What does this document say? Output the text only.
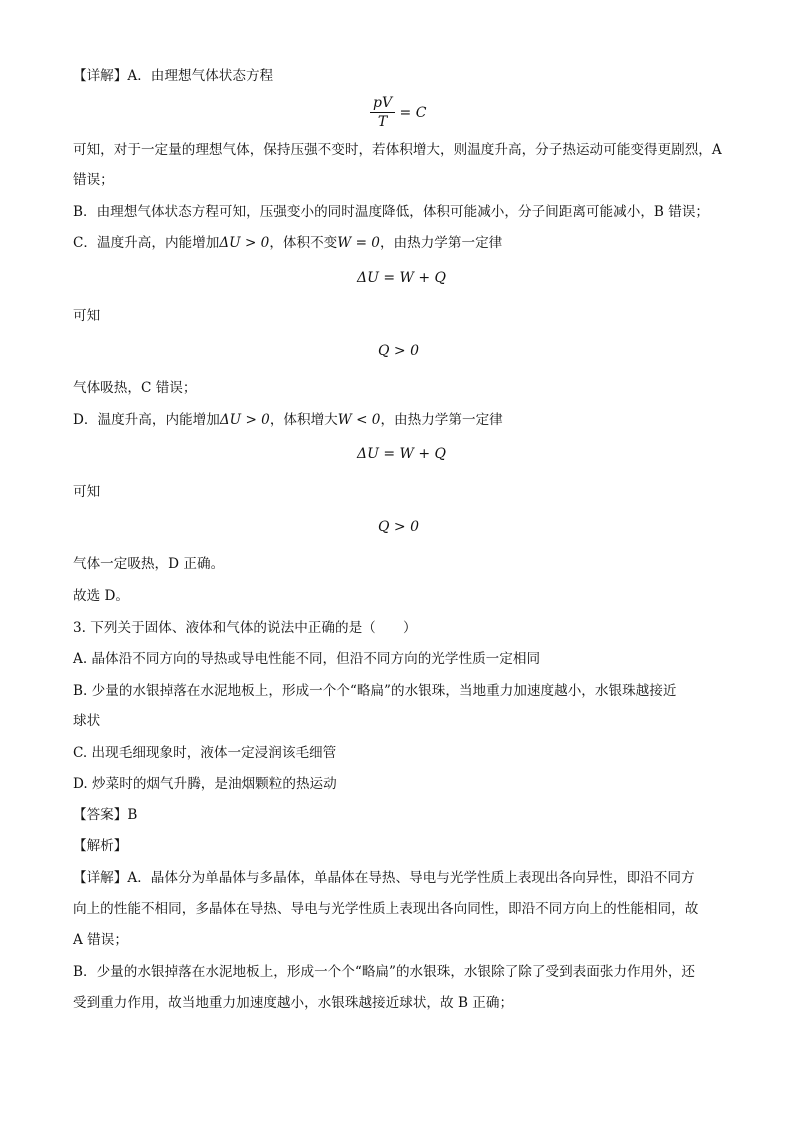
【详解】A．由理想气体状态方程
$\frac{pV}{T} = C$
可知，对于一定量的理想气体，保持压强不变时，若体积增大，则温度升高，分子热运动可能变得更剧烈，A
错误；
B．由理想气体状态方程可知，压强变小的同时温度降低，体积可能减小，分子间距离可能减小，B 错误；
C．温度升高，内能增加ΔU > 0，体积不变W = 0，由热力学第一定律
ΔU = W + Q
可知
Q > 0
气体吸热，C 错误；
D．温度升高，内能增加ΔU > 0，体积增大W < 0，由热力学第一定律
ΔU = W + Q
可知
Q > 0
气体一定吸热，D 正确。
故选 D。
3. 下列关于固体、液体和气体的说法中正确的是（　　）
A. 晶体沿不同方向的导热或导电性能不同，但沿不同方向的光学性质一定相同
B. 少量的水银掉落在水泥地板上，形成一个个“略扁”的水银珠，当地重力加速度越小，水银珠越接近
球状
C. 出现毛细现象时，液体一定浸润该毛细管
D. 炒菜时的烟气升腾，是油烟颗粒的热运动
【答案】B
【解析】
【详解】A．晶体分为单晶体与多晶体，单晶体在导热、导电与光学性质上表现出各向异性，即沿不同方
向上的性能不相同，多晶体在导热、导电与光学性质上表现出各向同性，即沿不同方向上的性能相同，故
A 错误；
B．少量的水银掉落在水泥地板上，形成一个个“略扁”的水银珠，水银除了除了受到表面张力作用外，还
受到重力作用，故当地重力加速度越小，水银珠越接近球状，故 B 正确；
